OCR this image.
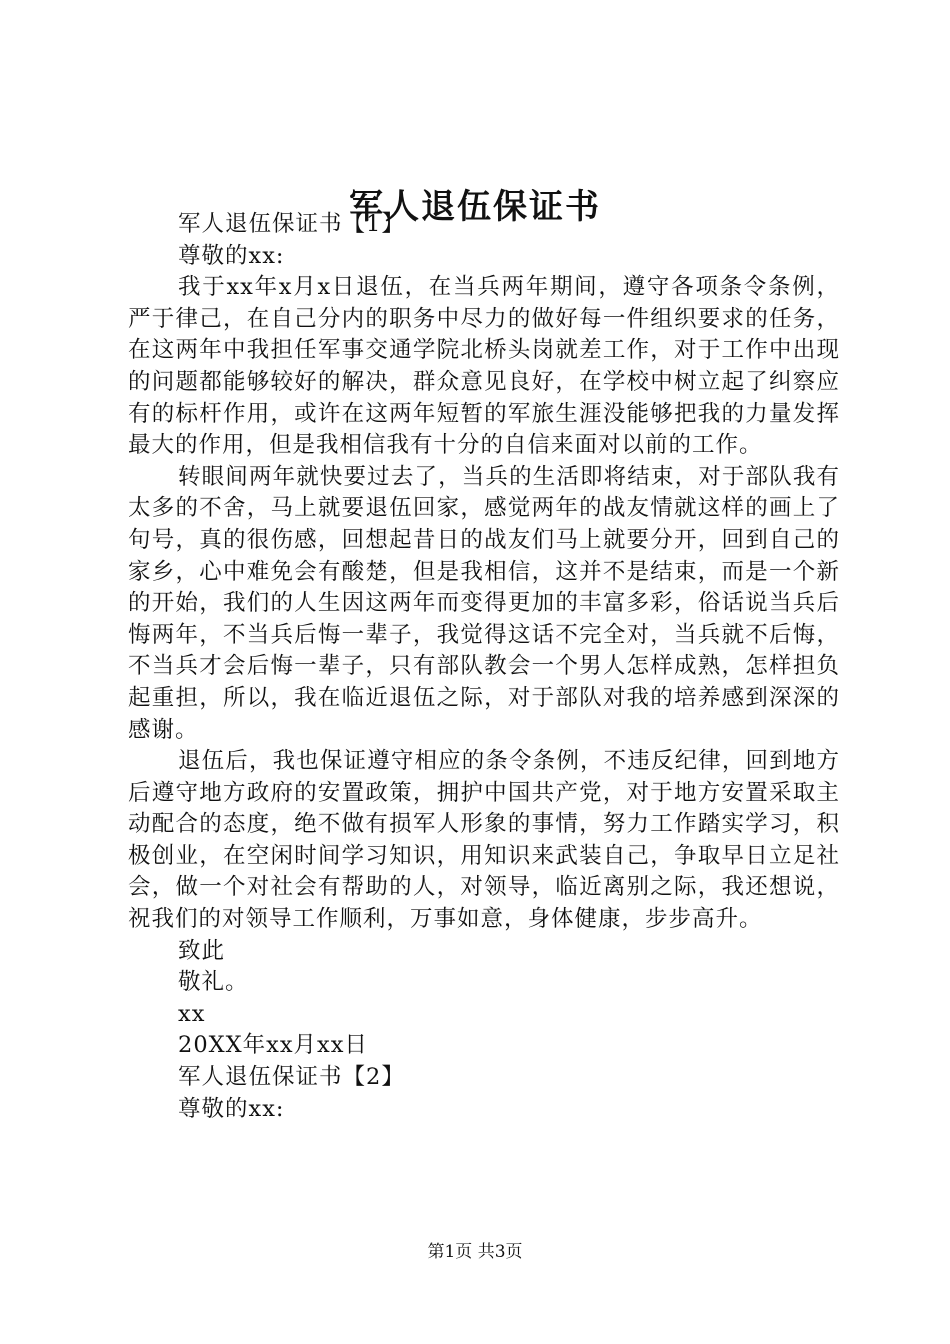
军人退伍保证书

军人退伍保证书【1】

尊敬的xx:

我于xx年x月x日退伍，在当兵两年期间，遵守各项条令条例，严于律己，在自己分内的职务中尽力的做好每一件组织要求的任务，在这两年中我担任军事交通学院北桥头岗就差工作，对于工作中出现的问题都能够较好的解决，群众意见良好，在学校中树立起了纠察应有的标杆作用，或许在这两年短暂的军旅生涯没能够把我的力量发挥最大的作用，但是我相信我有十分的自信来面对以前的工作。

转眼间两年就快要过去了，当兵的生活即将结束，对于部队我有太多的不舍，马上就要退伍回家，感觉两年的战友情就这样的画上了句号，真的很伤感，回想起昔日的战友们马上就要分开，回到自己的家乡，心中难免会有酸楚，但是我相信，这并不是结束，而是一个新的开始，我们的人生因这两年而变得更加的丰富多彩，俗话说当兵后悔两年，不当兵后悔一辈子，我觉得这话不完全对，当兵就不后悔，不当兵才会后悔一辈子，只有部队教会一个男人怎样成熟，怎样担负起重担，所以，我在临近退伍之际，对于部队对我的培养感到深深的感谢。

退伍后，我也保证遵守相应的条令条例，不违反纪律，回到地方后遵守地方政府的安置政策，拥护中国共产党，对于地方安置采取主动配合的态度，绝不做有损军人形象的事情，努力工作踏实学习，积极创业，在空闲时间学习知识，用知识来武装自己，争取早日立足社会，做一个对社会有帮助的人，对领导，临近离别之际，我还想说，祝我们的对领导工作顺利，万事如意，身体健康，步步高升。

致此

敬礼。

xx

20XX年xx月xx日

军人退伍保证书【2】

尊敬的xx:

第1页 共3页
